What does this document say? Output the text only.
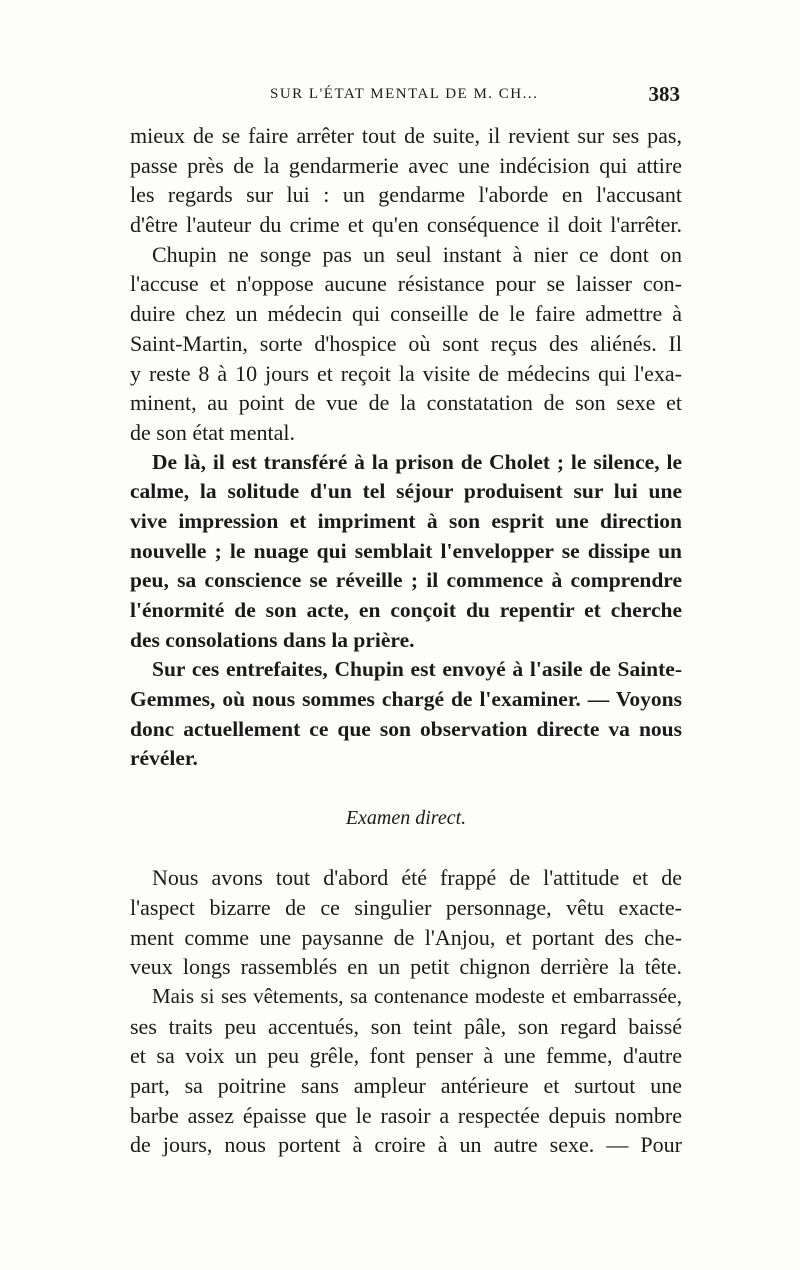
SUR L'ÉTAT MENTAL DE M. CH...	383
mieux de se faire arrêter tout de suite, il revient sur ses pas,
passe près de la gendarmerie avec une indécision qui attire
les regards sur lui : un gendarme l'aborde en l'accusant
d'être l'auteur du crime et qu'en conséquence il doit l'arrêter.
Chupin ne songe pas un seul instant à nier ce dont on
l'accuse et n'oppose aucune résistance pour se laisser con-
duire chez un médecin qui conseille de le faire admettre à
Saint-Martin, sorte d'hospice où sont reçus des aliénés. Il
y reste 8 à 10 jours et reçoit la visite de médecins qui l'exa-
minent, au point de vue de la constatation de son sexe et
de son état mental.
De là, il est transféré à la prison de Cholet ; le silence, le
calme, la solitude d'un tel séjour produisent sur lui une
vive impression et impriment à son esprit une direction
nouvelle ; le nuage qui semblait l'envelopper se dissipe un
peu, sa conscience se réveille ; il commence à comprendre
l'énormité de son acte, en conçoit du repentir et cherche
des consolations dans la prière.
Sur ces entrefaites, Chupin est envoyé à l'asile de Sainte-
Gemmes, où nous sommes chargé de l'examiner. — Voyons
donc actuellement ce que son observation directe va nous
révéler.
Examen direct.
Nous avons tout d'abord été frappé de l'attitude et de
l'aspect bizarre de ce singulier personnage, vêtu exacte-
ment comme une paysanne de l'Anjou, et portant des che-
veux longs rassemblés en un petit chignon derrière la tête.
Mais si ses vêtements, sa contenance modeste et embarrassée,
ses traits peu accentués, son teint pâle, son regard baissé
et sa voix un peu grêle, font penser à une femme, d'autre
part, sa poitrine sans ampleur antérieure et surtout une
barbe assez épaisse que le rasoir a respectée depuis nombre
de jours, nous portent à croire à un autre sexe. — Pour
